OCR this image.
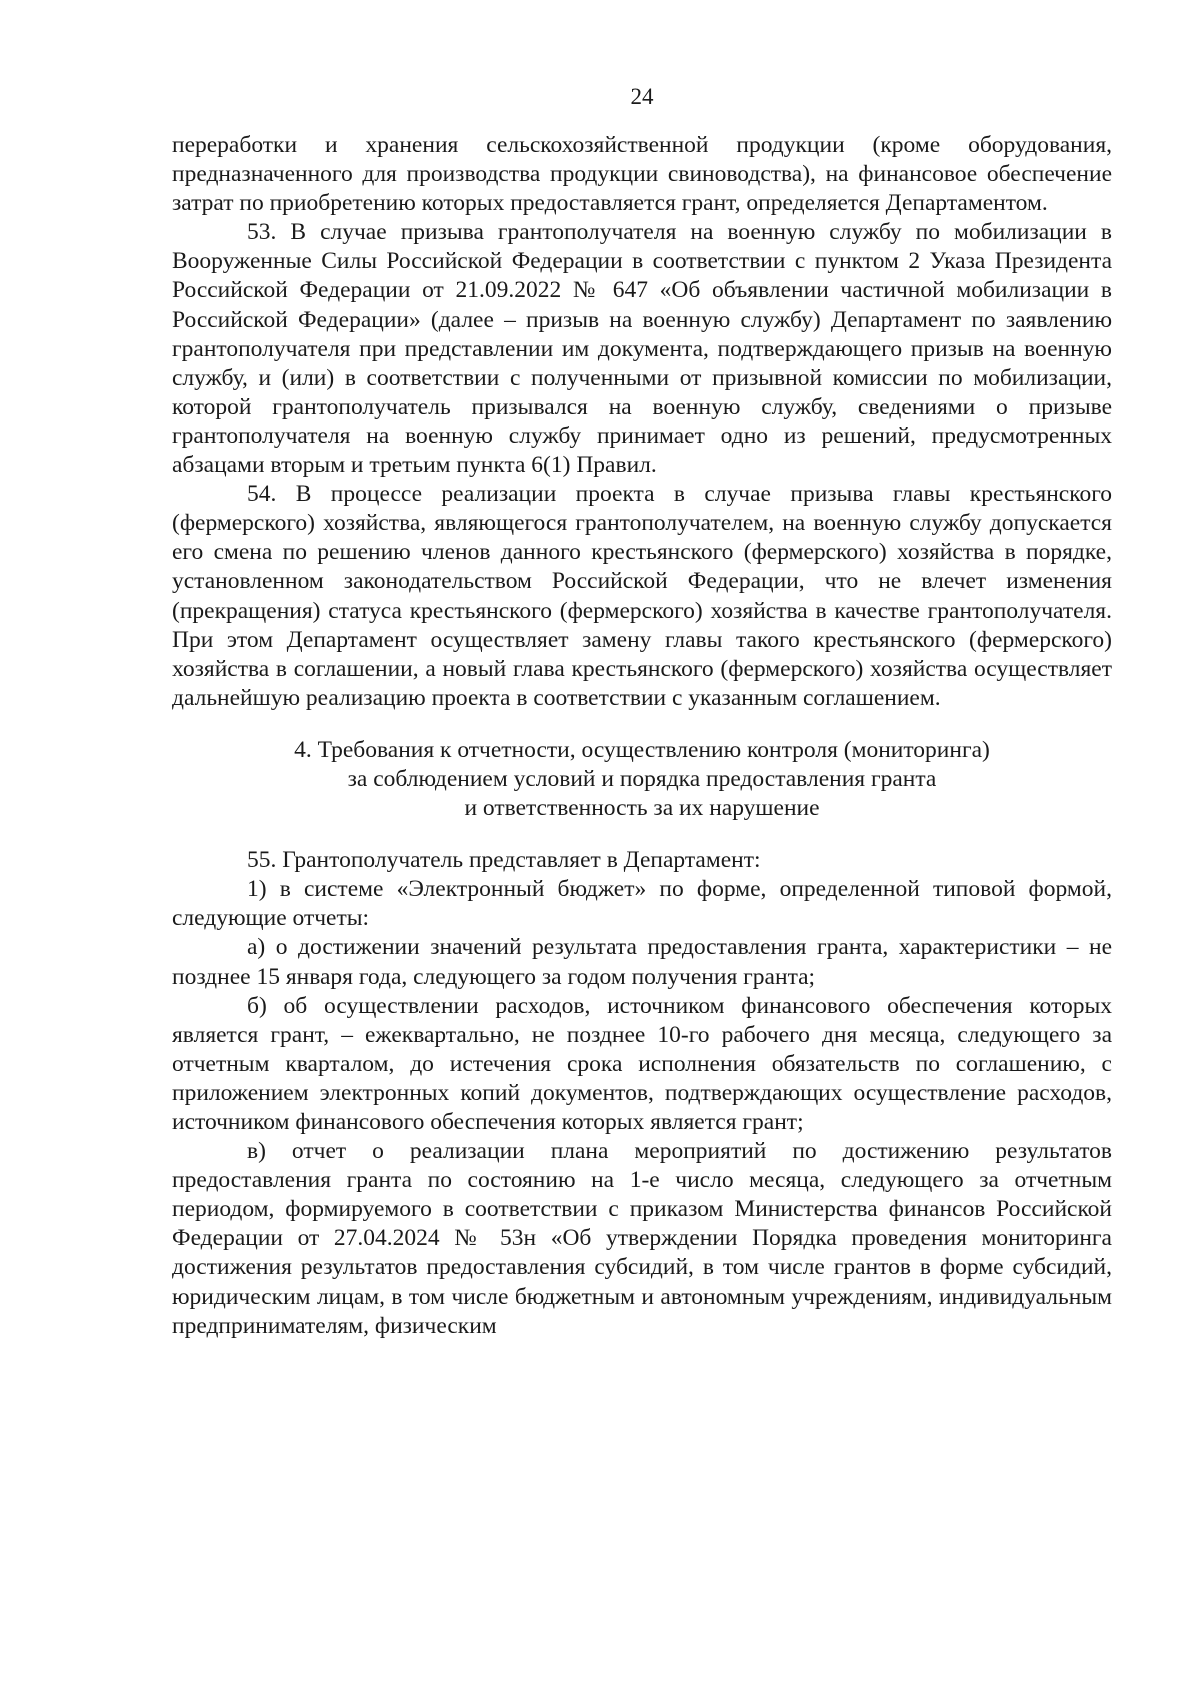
24

переработки и хранения сельскохозяйственной продукции (кроме оборудования, предназначенного для производства продукции свиноводства), на финансовое обеспечение затрат по приобретению которых предоставляется грант, определяется Департаментом.

53. В случае призыва грантополучателя на военную службу по мобилизации в Вооруженные Силы Российской Федерации в соответствии с пунктом 2 Указа Президента Российской Федерации от 21.09.2022 № 647 «Об объявлении частичной мобилизации в Российской Федерации» (далее – призыв на военную службу) Департамент по заявлению грантополучателя при представлении им документа, подтверждающего призыв на военную службу, и (или) в соответствии с полученными от призывной комиссии по мобилизации, которой грантополучатель призывался на военную службу, сведениями о призыве грантополучателя на военную службу принимает одно из решений, предусмотренных абзацами вторым и третьим пункта 6(1) Правил.

54. В процессе реализации проекта в случае призыва главы крестьянского (фермерского) хозяйства, являющегося грантополучателем, на военную службу допускается его смена по решению членов данного крестьянского (фермерского) хозяйства в порядке, установленном законодательством Российской Федерации, что не влечет изменения (прекращения) статуса крестьянского (фермерского) хозяйства в качестве грантополучателя. При этом Департамент осуществляет замену главы такого крестьянского (фермерского) хозяйства в соглашении, а новый глава крестьянского (фермерского) хозяйства осуществляет дальнейшую реализацию проекта в соответствии с указанным соглашением.

4. Требования к отчетности, осуществлению контроля (мониторинга)
за соблюдением условий и порядка предоставления гранта
и ответственность за их нарушение

55. Грантополучатель представляет в Департамент:

1) в системе «Электронный бюджет» по форме, определенной типовой формой, следующие отчеты:

а) о достижении значений результата предоставления гранта, характеристики – не позднее 15 января года, следующего за годом получения гранта;

б) об осуществлении расходов, источником финансового обеспечения которых является грант, – ежеквартально, не позднее 10-го рабочего дня месяца, следующего за отчетным кварталом, до истечения срока исполнения обязательств по соглашению, с приложением электронных копий документов, подтверждающих осуществление расходов, источником финансового обеспечения которых является грант;

в) отчет о реализации плана мероприятий по достижению результатов предоставления гранта по состоянию на 1-е число месяца, следующего за отчетным периодом, формируемого в соответствии с приказом Министерства финансов Российской Федерации от 27.04.2024 № 53н «Об утверждении Порядка проведения мониторинга достижения результатов предоставления субсидий, в том числе грантов в форме субсидий, юридическим лицам, в том числе бюджетным и автономным учреждениям, индивидуальным предпринимателям, физическим
